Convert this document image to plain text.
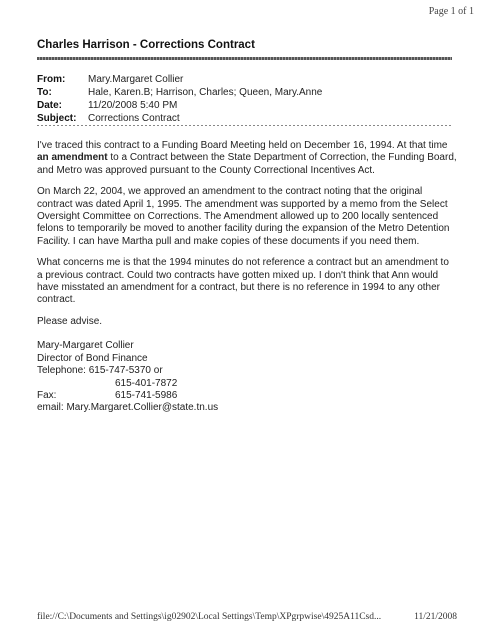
Page 1 of 1
Charles Harrison - Corrections Contract
From:	Mary.Margaret Collier
To:	Hale, Karen.B; Harrison, Charles; Queen, Mary.Anne
Date:	11/20/2008 5:40 PM
Subject:	Corrections Contract

I've traced this contract to a Funding Board Meeting held on December 16, 1994. At that time an amendment to a Contract between the State Department of Correction, the Funding Board, and Metro was approved pursuant to the County Correctional Incentives Act.

On March 22, 2004, we approved an amendment to the contract noting that the original contract was dated April 1, 1995. The amendment was supported by a memo from the Select Oversight Committee on Corrections. The Amendment allowed up to 200 locally sentenced felons to temporarily be moved to another facility during the expansion of the Metro Detention Facility. I can have Martha pull and make copies of these documents if you need them.

What concerns me is that the 1994 minutes do not reference a contract but an amendment to a previous contract. Could two contracts have gotten mixed up. I don't think that Ann would have misstated an amendment for a contract, but there is no reference in 1994 to any other contract.

Please advise.

Mary-Margaret Collier
Director of Bond Finance
Telephone: 615-747-5370 or
615-401-7872
Fax:	615-741-5986
email: Mary.Margaret.Collier@state.tn.us
file://C:\Documents and Settings\ig02902\Local Settings\Temp\XPgrpwise\4925A11Csd...	11/21/2008
